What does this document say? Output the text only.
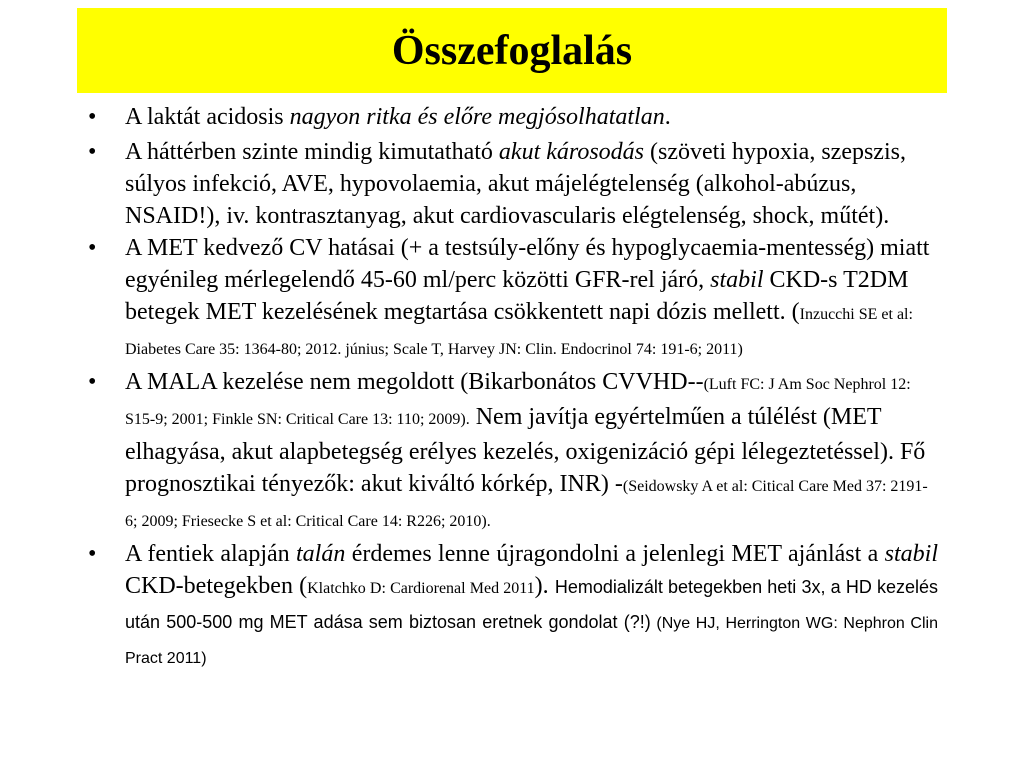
Összefoglalás
• A laktát acidosis nagyon ritka és előre megjósolhatatlan.
• A háttérben szinte mindig kimutatható akut károsodás (szöveti hypoxia, szepszis, súlyos infekció, AVE, hypovolaemia, akut májelégtelenség (alkohol-abúzus, NSAID!), iv. kontrasztanyag, akut cardiovascularis elégtelenség, shock, műtét).
• A MET kedvező CV hatásai (+ a testsúly-előny és hypoglycaemia-mentesség) miatt egyénileg mérlegelendő 45-60 ml/perc közötti GFR-rel járó, stabil CKD-s T2DM betegek MET kezelésének megtartása csökkentett napi dózis mellett. (Inzucchi SE et al: Diabetes Care 35: 1364-80; 2012. június; Scale T, Harvey JN: Clin. Endocrinol 74: 191-6; 2011)
• A MALA kezelése nem megoldott (Bikarbonátos CVVHD--(Luft FC: J Am Soc Nephrol 12: S15-9; 2001; Finkle SN: Critical Care 13: 110; 2009). Nem javítja egyértelműen a túlélést (MET elhagyása, akut alapbetegség erélyes kezelés, oxigenizáció gépi lélegeztetéssel). Fő prognosztikai tényezők: akut kiváltó kórkép, INR) -(Seidowsky A et al: Citical Care Med 37: 2191-6; 2009; Friesecke S et al: Critical Care 14: R226; 2010).
• A fentiek alapján talán érdemes lenne újragondolni a jelenlegi MET ajánlást a stabil CKD-betegekben (Klatchko D: Cardiorenal Med 2011). Hemodializált betegekben heti 3x, a HD kezelés után 500-500 mg MET adása sem biztosan eretnek gondolat (?!) (Nye HJ, Herrington WG: Nephron Clin Pract 2011)
